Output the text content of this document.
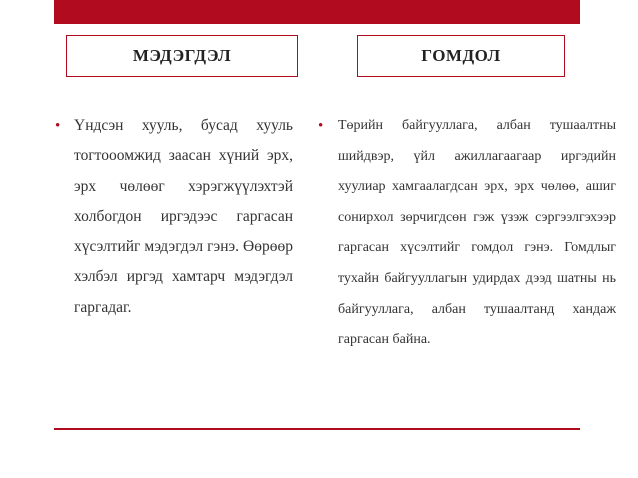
МЭДЭГДЭЛ	ГОМДОЛ

• Үндсэн хууль, бусад хууль тогтооомжид заасан хүний эрх, эрх чөлөөг хэрэгжүүлэхтэй холбогдон иргэдээс гаргасан хүсэлтийг мэдэгдэл гэнэ. Өөрөөр хэлбэл иргэд хамтарч мэдэгдэл гаргадаг.

• Төрийн байгууллага, албан тушаалтны шийдвэр, үйл ажиллагаагаар иргэдийн хуулиар хамгаалагдсан эрх, эрх чөлөө, ашиг сонирхол зөрчигдсөн гэж үзэж сэргээлгэхээр гаргасан хүсэлтийг гомдол гэнэ. Гомдлыг тухайн байгууллагын удирдах дээд шатны нь байгууллага, албан тушаалтанд хандаж гаргасан байна.
